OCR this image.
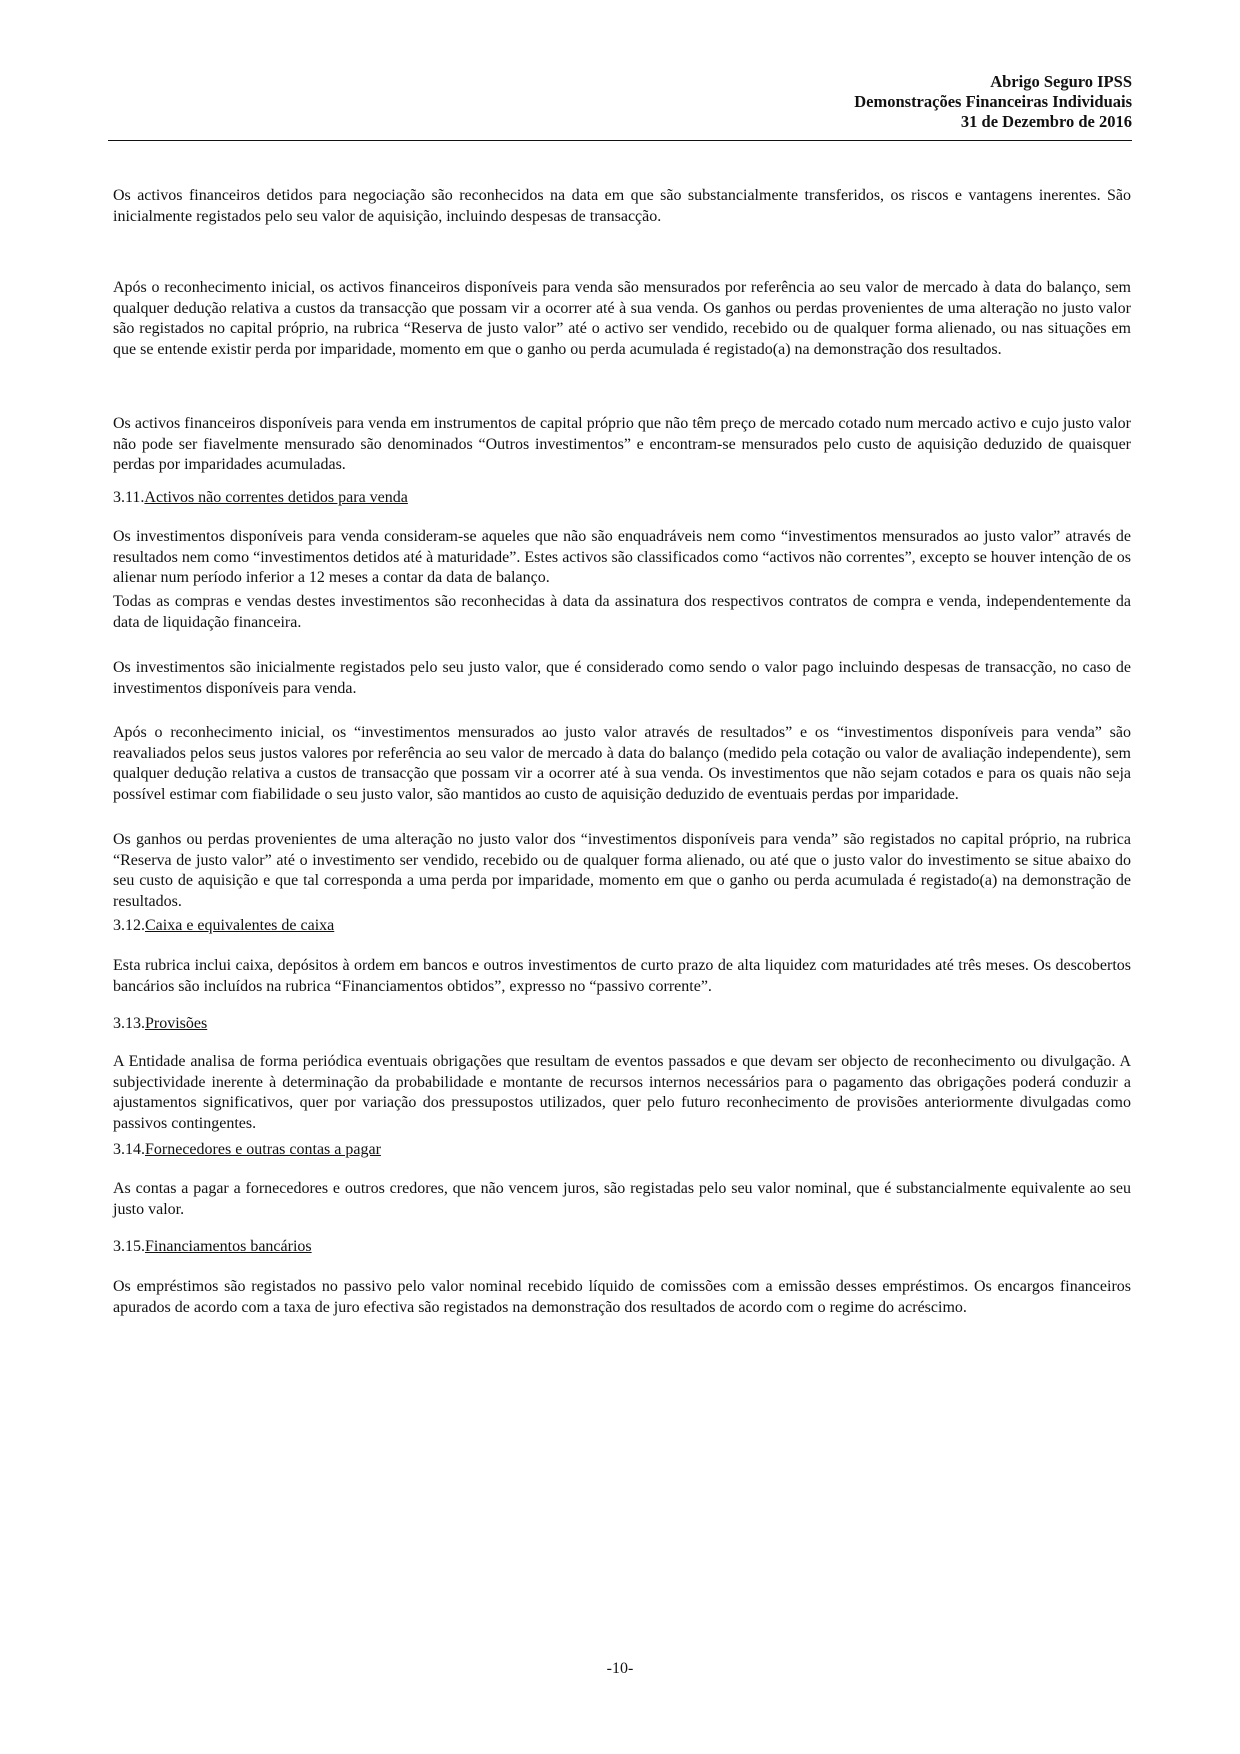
Abrigo Seguro IPSS
Demonstrações Financeiras Individuais
31 de Dezembro de 2016

Os activos financeiros detidos para negociação são reconhecidos na data em que são substancialmente transferidos, os riscos e vantagens inerentes. São inicialmente registados pelo seu valor de aquisição, incluindo despesas de transacção.

Após o reconhecimento inicial, os activos financeiros disponíveis para venda são mensurados por referência ao seu valor de mercado à data do balanço, sem qualquer dedução relativa a custos da transacção que possam vir a ocorrer até à sua venda. Os ganhos ou perdas provenientes de uma alteração no justo valor são registados no capital próprio, na rubrica “Reserva de justo valor” até o activo ser vendido, recebido ou de qualquer forma alienado, ou nas situações em que se entende existir perda por imparidade, momento em que o ganho ou perda acumulada é registado(a) na demonstração dos resultados.

Os activos financeiros disponíveis para venda em instrumentos de capital próprio que não têm preço de mercado cotado num mercado activo e cujo justo valor não pode ser fiavelmente mensurado são denominados “Outros investimentos” e encontram-se mensurados pelo custo de aquisição deduzido de quaisquer perdas por imparidades acumuladas.

3.11.Activos não correntes detidos para venda

Os investimentos disponíveis para venda consideram-se aqueles que não são enquadráveis nem como “investimentos mensurados ao justo valor” através de resultados nem como “investimentos detidos até à maturidade”. Estes activos são classificados como “activos não correntes”, excepto se houver intenção de os alienar num período inferior a 12 meses a contar da data de balanço.

Todas as compras e vendas destes investimentos são reconhecidas à data da assinatura dos respectivos contratos de compra e venda, independentemente da data de liquidação financeira.

Os investimentos são inicialmente registados pelo seu justo valor, que é considerado como sendo o valor pago incluindo despesas de transacção, no caso de investimentos disponíveis para venda.

Após o reconhecimento inicial, os “investimentos mensurados ao justo valor através de resultados” e os “investimentos disponíveis para venda” são reavaliados pelos seus justos valores por referência ao seu valor de mercado à data do balanço (medido pela cotação ou valor de avaliação independente), sem qualquer dedução relativa a custos de transacção que possam vir a ocorrer até à sua venda. Os investimentos que não sejam cotados e para os quais não seja possível estimar com fiabilidade o seu justo valor, são mantidos ao custo de aquisição deduzido de eventuais perdas por imparidade.

Os ganhos ou perdas provenientes de uma alteração no justo valor dos “investimentos disponíveis para venda” são registados no capital próprio, na rubrica “Reserva de justo valor” até o investimento ser vendido, recebido ou de qualquer forma alienado, ou até que o justo valor do investimento se situe abaixo do seu custo de aquisição e que tal corresponda a uma perda por imparidade, momento em que o ganho ou perda acumulada é registado(a) na demonstração de resultados.

3.12.Caixa e equivalentes de caixa

Esta rubrica inclui caixa, depósitos à ordem em bancos e outros investimentos de curto prazo de alta liquidez com maturidades até três meses. Os descobertos bancários são incluídos na rubrica “Financiamentos obtidos”, expresso no “passivo corrente”.

3.13.Provisões

A Entidade analisa de forma periódica eventuais obrigações que resultam de eventos passados e que devam ser objecto de reconhecimento ou divulgação. A subjectividade inerente à determinação da probabilidade e montante de recursos internos necessários para o pagamento das obrigações poderá conduzir a ajustamentos significativos, quer por variação dos pressupostos utilizados, quer pelo futuro reconhecimento de provisões anteriormente divulgadas como passivos contingentes.

3.14.Fornecedores e outras contas a pagar

As contas a pagar a fornecedores e outros credores, que não vencem juros, são registadas pelo seu valor nominal, que é substancialmente equivalente ao seu justo valor.

3.15.Financiamentos bancários

Os empréstimos são registados no passivo pelo valor nominal recebido líquido de comissões com a emissão desses empréstimos. Os encargos financeiros apurados de acordo com a taxa de juro efectiva são registados na demonstração dos resultados de acordo com o regime do acréscimo.

-10-
